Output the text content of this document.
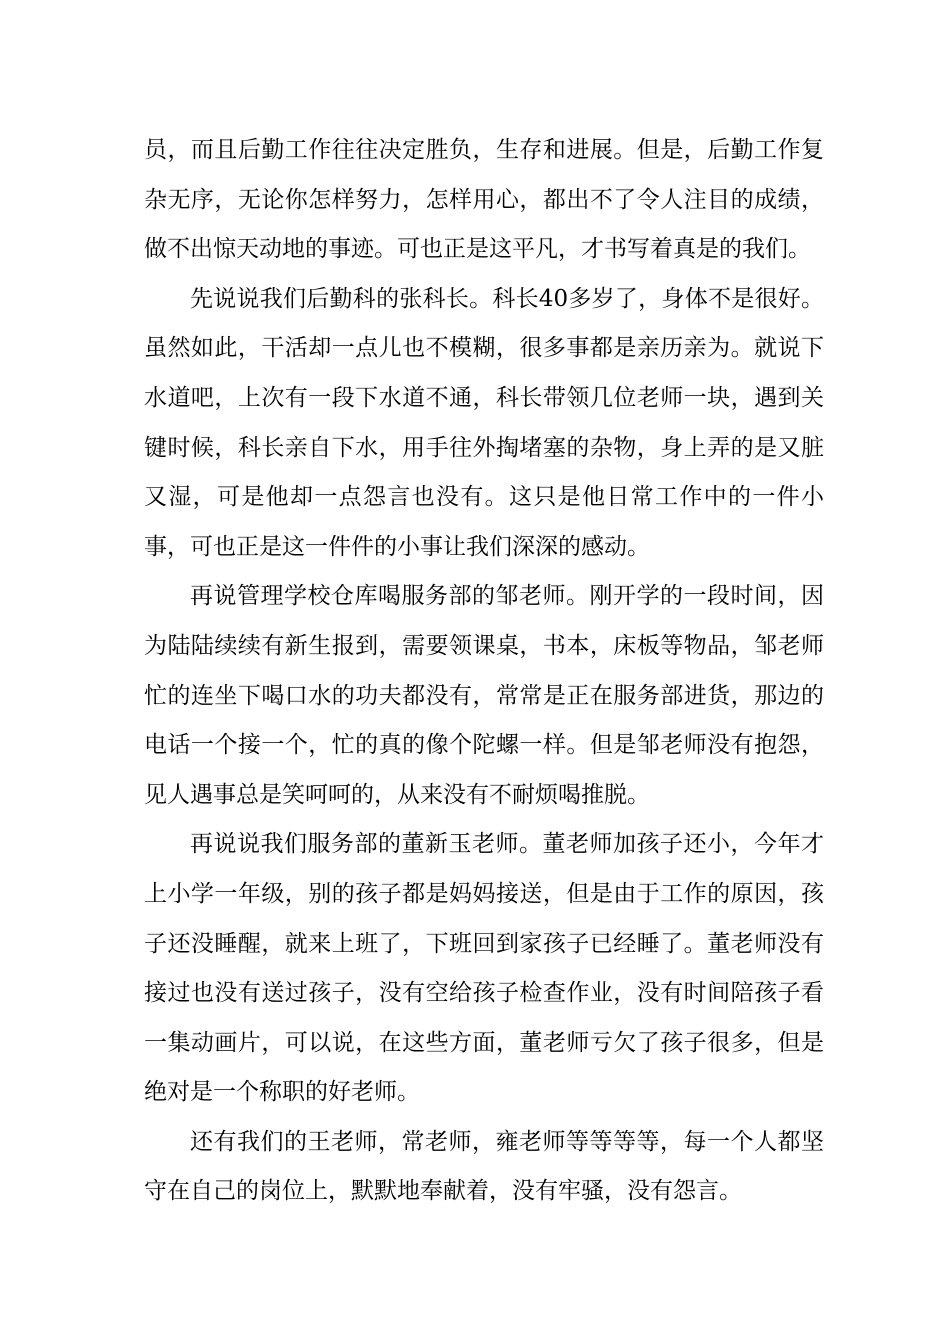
员，而且后勤工作往往决定胜负，生存和进展。但是，后勤工作复杂无序，无论你怎样努力，怎样用心，都出不了令人注目的成绩，做不出惊天动地的事迹。可也正是这平凡，才书写着真是的我们。

先说说我们后勤科的张科长。科长40多岁了，身体不是很好。虽然如此，干活却一点儿也不模糊，很多事都是亲历亲为。就说下水道吧，上次有一段下水道不通，科长带领几位老师一块，遇到关键时候，科长亲自下水，用手往外掏堵塞的杂物，身上弄的是又脏又湿，可是他却一点怨言也没有。这只是他日常工作中的一件小事，可也正是这一件件的小事让我们深深的感动。

再说管理学校仓库喝服务部的邹老师。刚开学的一段时间，因为陆陆续续有新生报到，需要领课桌，书本，床板等物品，邹老师忙的连坐下喝口水的功夫都没有，常常是正在服务部进货，那边的电话一个接一个，忙的真的像个陀螺一样。但是邹老师没有抱怨，见人遇事总是笑呵呵的，从来没有不耐烦喝推脱。

再说说我们服务部的董新玉老师。董老师加孩子还小，今年才上小学一年级，别的孩子都是妈妈接送，但是由于工作的原因，孩子还没睡醒，就来上班了，下班回到家孩子已经睡了。董老师没有接过也没有送过孩子，没有空给孩子检查作业，没有时间陪孩子看一集动画片，可以说，在这些方面，董老师亏欠了孩子很多，但是绝对是一个称职的好老师。

还有我们的王老师，常老师，雍老师等等等等，每一个人都坚守在自己的岗位上，默默地奉献着，没有牢骚，没有怨言。
